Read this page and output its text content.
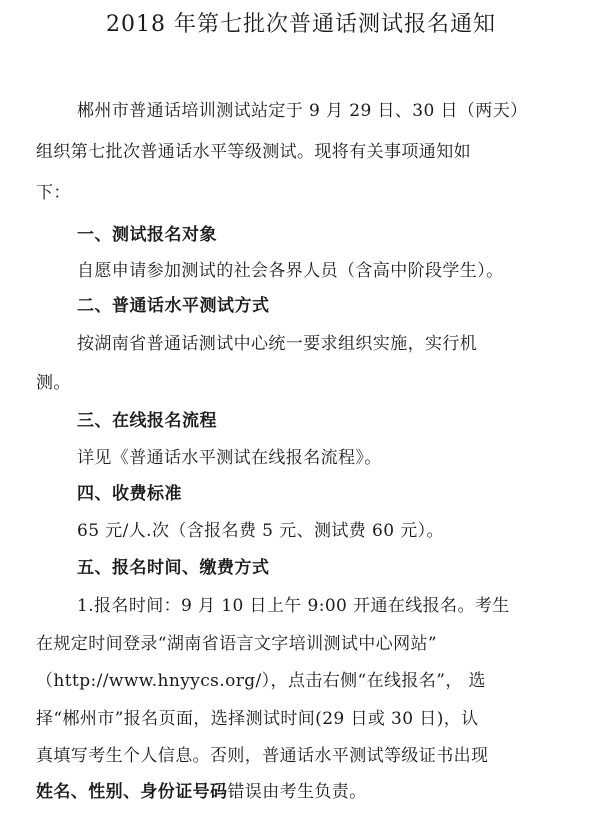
2018 年第七批次普通话测试报名通知
郴州市普通话培训测试站定于 9 月 29 日、30 日（两天）
组织第七批次普通话水平等级测试。现将有关事项通知如
下：
一、测试报名对象
自愿申请参加测试的社会各界人员（含高中阶段学生）。
二、普通话水平测试方式
按湖南省普通话测试中心统一要求组织实施，实行机
测。
三、在线报名流程
详见《普通话水平测试在线报名流程》。
四、收费标准
65 元/人.次（含报名费 5 元、测试费 60 元）。
五、报名时间、缴费方式
1.报名时间：9 月 10 日上午 9:00 开通在线报名。考生
在规定时间登录“湖南省语言文字培训测试中心网站”
（http://www.hnyycs.org/），点击右侧“在线报名”， 选
择“郴州市”报名页面，选择测试时间(29 日或 30 日)，认
真填写考生个人信息。否则，普通话水平测试等级证书出现
姓名、性别、身份证号码错误由考生负责。
